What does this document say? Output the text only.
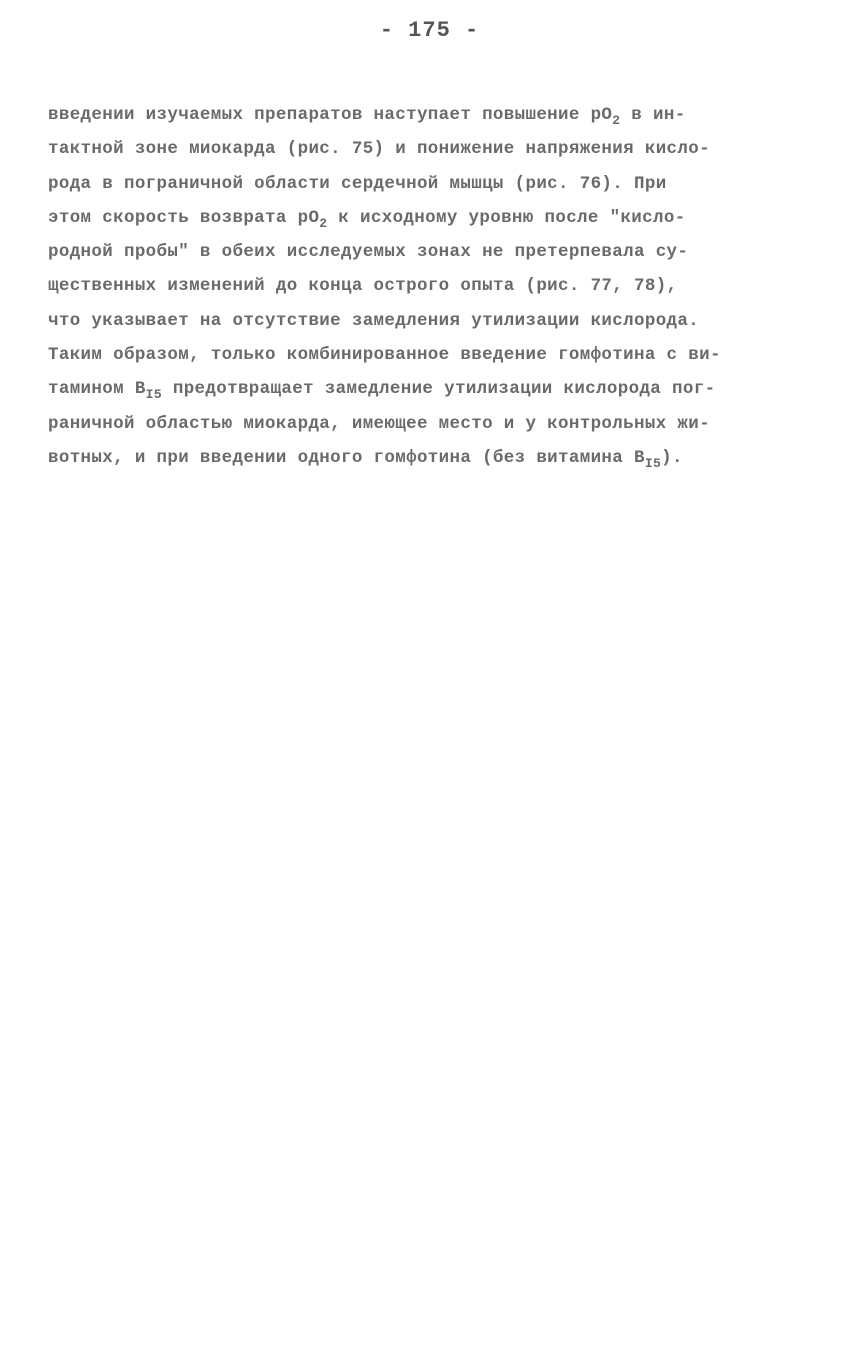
- 175 -
введении изучаемых препаратов наступает повышение $pO_2$ в ин-
тактной зоне миокарда (рис. 75) и понижение напряжения кисло-
рода в пограничной области сердечной мышцы (рис. 76). При
этом скорость возврата $pO_2$ к исходному уровню после "кисло-
родной пробы" в обеих исследуемых зонах не претерпевала су-
щественных изменений до конца острого опыта (рис. 77, 78),
что указывает на отсутствие замедления утилизации кислорода.
Таким образом, только комбинированное введение гомфотина с ви-
тамином $B_{I5}$ предотвращает замедление утилизации кислорода пог-
раничной областью миокарда, имеющее место и у контрольных жи-
вотных, и при введении одного гомфотина (без витамина $B_{I5}$).
